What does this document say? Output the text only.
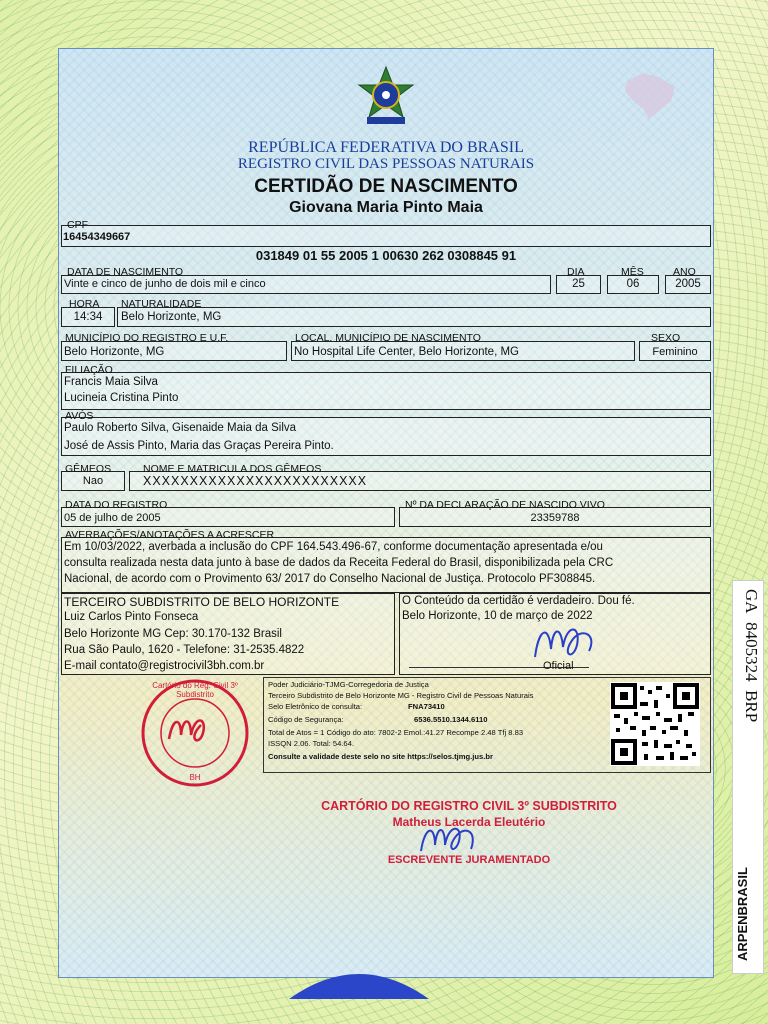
REPÚBLICA FEDERATIVA DO BRASIL
REGISTRO CIVIL DAS PESSOAS NATURAIS
CERTIDÃO DE NASCIMENTO
Giovana Maria Pinto Maia
CPF
16454349667
031849 01 55 2005 1 00630 262 0308845 91
DATA DE NASCIMENTO
Vinte e cinco de junho de dois mil e cinco
DIA
25
MÊS
06
ANO
2005
HORA
14:34
NATURALIDADE
Belo Horizonte, MG
MUNICÍPIO DO REGISTRO E U.F.
Belo Horizonte, MG
LOCAL. MUNICÍPIO DE NASCIMENTO
No Hospital Life Center, Belo Horizonte, MG
SEXO
Feminino
FILIAÇÃO
Francis Maia Silva
Lucineia Cristina Pinto
AVÓS
Paulo Roberto Silva, Gisenaide Maia da Silva
José de Assis Pinto, Maria das Graças Pereira Pinto.
GÊMEOS
Nao
NOME E MATRICULA DOS GÊMEOS
XXXXXXXXXXXXXXXXXXXXXXXX
DATA DO REGISTRO
05 de julho de 2005
Nº DA DECLARAÇÃO DE NASCIDO VIVO
23359788
AVERBAÇÕES/ANOTAÇÕES A ACRESCER
Em 10/03/2022, averbada a inclusão do CPF 164.543.496-67, conforme documentação apresentada e/ou
consulta realizada nesta data junto à base de dados da Receita Federal do Brasil, disponibilizada pela CRC
Nacional, de acordo com o Provimento 63/ 2017 do Conselho Nacional de Justiça. Protocolo PF308845.
TERCEIRO SUBDISTRITO DE BELO HORIZONTE
Luiz Carlos Pinto Fonseca
Belo Horizonte MG Cep: 30.170-132 Brasil
Rua São Paulo, 1620 - Telefone: 31-2535.4822
E-mail contato@registrocivil3bh.com.br
O Conteúdo da certidão é verdadeiro. Dou fé.
Belo Horizonte, 10 de março de 2022
Oficial
Cartório do Reg. Civil 3º Subdistrito
BH
Poder Judiciário-TJMG-Corregedoria de Justiça
Terceiro Subdistrito de Belo Horizonte MG - Registro Civil de Pessoas Naturais
Selo Eletrônico de consulta:	FNA73410
Código de Segurança:	6536.5510.1344.6110
Total de Atos = 1 Código do ato: 7802-2 Emol.:41.27 Recompe 2.48 Tfj 8.83
ISSQN 2.06. Total: 54.64.
Consulte a validade deste selo no site https://selos.tjmg.jus.br
CARTÓRIO DO REGISTRO CIVIL 3º SUBDISTRITO
Matheus Lacerda Eleutério
ESCREVENTE JURAMENTADO
GA  8405324  BRP
ARPENBRASIL
